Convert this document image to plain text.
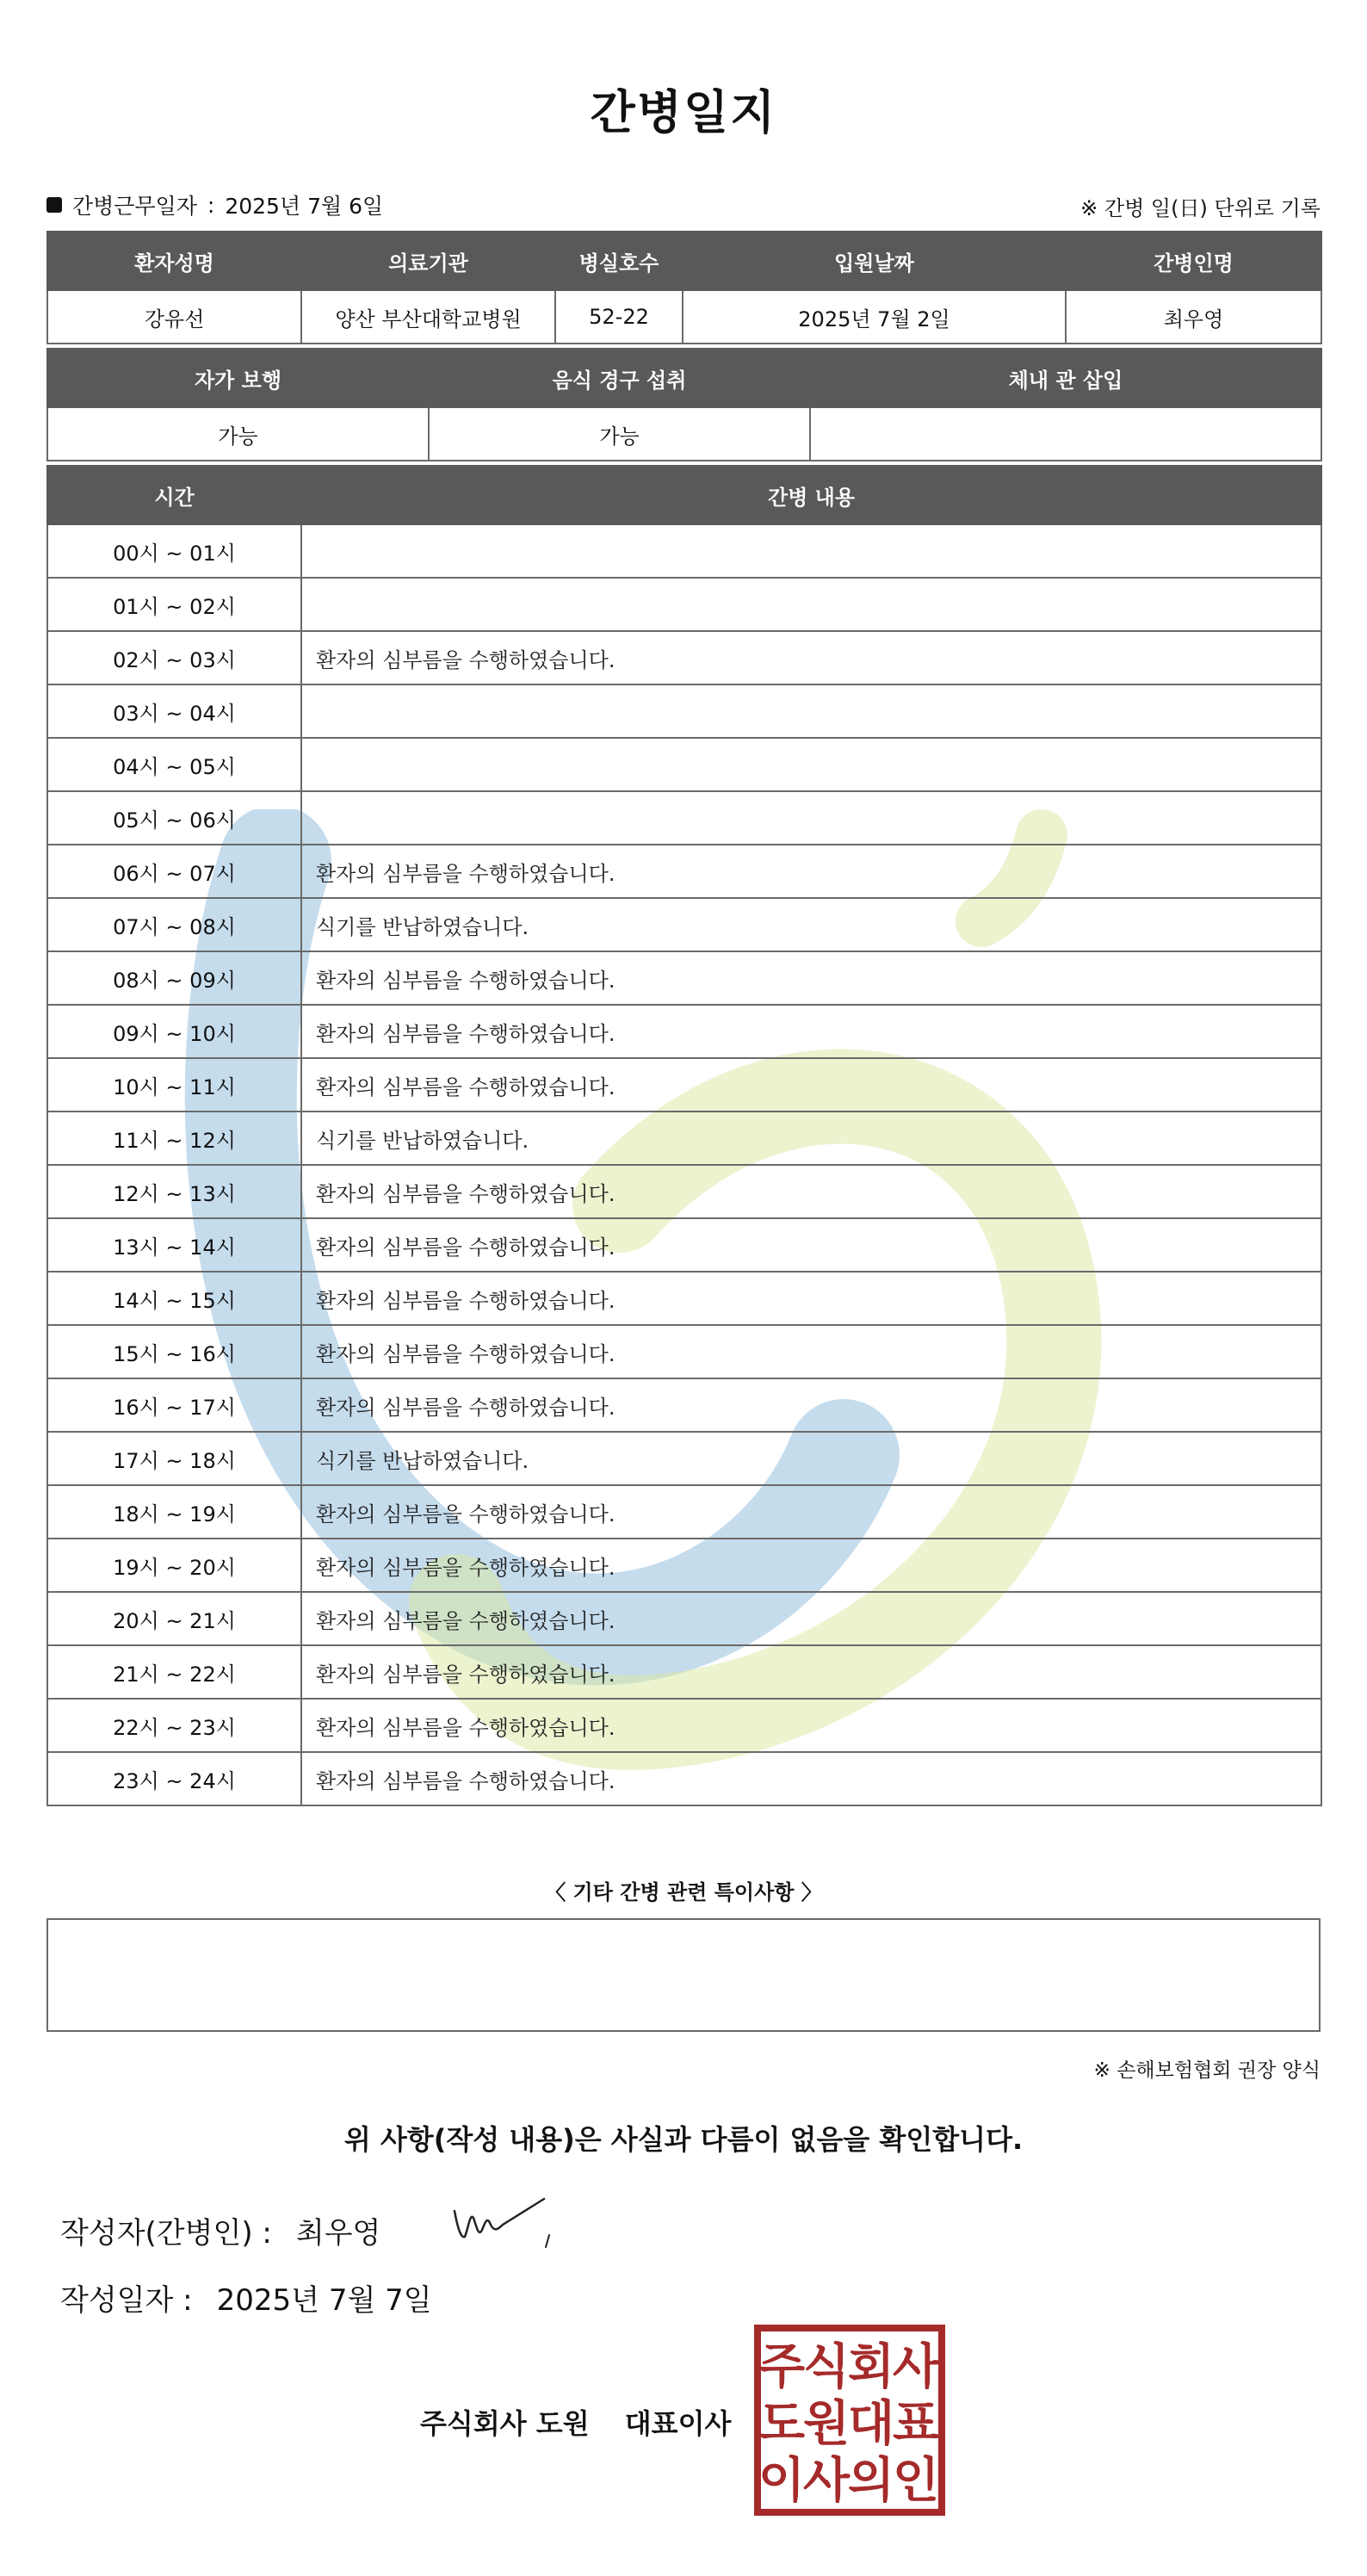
간병일지
간병근무일자 : 2025년 7월 6일	※ 간병 일(日) 단위로 기록
환자성명	의료기관	병실호수	입원날짜	간병인명
강유선	양산 부산대학교병원	52-22	2025년 7월 2일	최우영
자가 보행	음식 경구 섭취	체내 관 삽입
가능	가능	
시간	간병 내용
00시 ~ 01시	
01시 ~ 02시	
02시 ~ 03시	환자의 심부름을 수행하였습니다.
03시 ~ 04시	
04시 ~ 05시	
05시 ~ 06시	
06시 ~ 07시	환자의 심부름을 수행하였습니다.
07시 ~ 08시	식기를 반납하였습니다.
08시 ~ 09시	환자의 심부름을 수행하였습니다.
09시 ~ 10시	환자의 심부름을 수행하였습니다.
10시 ~ 11시	환자의 심부름을 수행하였습니다.
11시 ~ 12시	식기를 반납하였습니다.
12시 ~ 13시	환자의 심부름을 수행하였습니다.
13시 ~ 14시	환자의 심부름을 수행하였습니다.
14시 ~ 15시	환자의 심부름을 수행하였습니다.
15시 ~ 16시	환자의 심부름을 수행하였습니다.
16시 ~ 17시	환자의 심부름을 수행하였습니다.
17시 ~ 18시	식기를 반납하였습니다.
18시 ~ 19시	환자의 심부름을 수행하였습니다.
19시 ~ 20시	환자의 심부름을 수행하였습니다.
20시 ~ 21시	환자의 심부름을 수행하였습니다.
21시 ~ 22시	환자의 심부름을 수행하였습니다.
22시 ~ 23시	환자의 심부름을 수행하였습니다.
23시 ~ 24시	환자의 심부름을 수행하였습니다.
〈 기타 간병 관련 특이사항 〉
※ 손해보험협회 권장 양식
위 사항(작성 내용)은 사실과 다름이 없음을 확인합니다.
작성자(간병인) : 최우영
작성일자 : 2025년 7월 7일
주식회사 도원 대표이사
주
식
회
사
도
원
대
표
이
사
의
인
